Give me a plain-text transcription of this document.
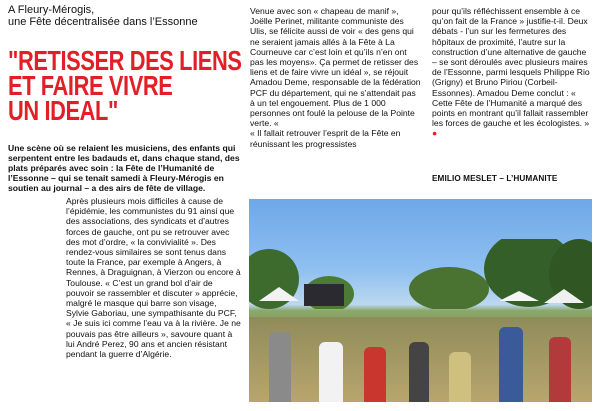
A Fleury-Mérogis,
une Fête décentralisée dans l’Essonne
"RETISSER DES LIENS
ET FAIRE VIVRE
UN IDEAL"
Une scène où se relaient les musiciens, des enfants qui serpentent entre les badauds et, dans chaque stand, des plats préparés avec soin : la Fête de l’Humanité de l’Essonne – qui se tenait samedi à Fleury-Mérogis en soutien au journal – a des airs de fête de village.

Après plusieurs mois difficiles à cause de l’épidémie, les communistes du 91 ainsi que des associations, des syndicats et d’autres forces de gauche, ont pu se retrouver avec des mot d’ordre, « la convivialité ». Des rendez-vous similaires se sont tenus dans toute la France, par exemple à Angers, à Rennes, à Draguignan, à Vierzon ou encore à Toulouse. « C’est un grand bol d’air de pouvoir se rassembler et discuter » apprécie, malgré le masque qui barre son visage, Sylvie Gaboriau, une sympathisante du PCF, « Je suis ici comme l’eau va à la rivière. Je ne pouvais pas être ailleurs », savoure quant à lui André Perez, 90 ans et ancien résistant pendant la guerre d’Algérie.

Venue avec son « chapeau de manif », Joëlle Perinet, militante communiste des Ulis, se félicite aussi de voir « des gens qui ne seraient jamais allés à la Fête à La Courneuve car c’est loin et qu’ils n’en ont pas les moyens». Ça permet de retisser des liens et de faire vivre un idéal », se réjouit Amadou Deme, responsable de la fédération PCF du département, qui ne s’attendait pas à un tel engouement. Plus de 1 000 personnes ont foulé la pelouse de la Pointe verte. «

« Il fallait retrouver l’esprit de la Fête en réunissant les progressistes

pour qu’ils réfléchissent ensemble à ce qu’on fait de la France » justifie-t-il. Deux débats - l’un sur les fermetures des hôpitaux de proximité, l’autre sur la construction d’une alternative de gauche – se sont déroulés avec plusieurs maires de l’Essonne, parmi lesquels Philippe Rio (Grigny) et Bruno Piriou (Corbeil-Essonnes). Amadou Deme conclut : « Cette Fête de l’Humanité a marqué des points en montrant qu’il fallait rassembler les forces de gauche et les écologistes. » ●

EMILIO MESLET – L’HUMANITE
